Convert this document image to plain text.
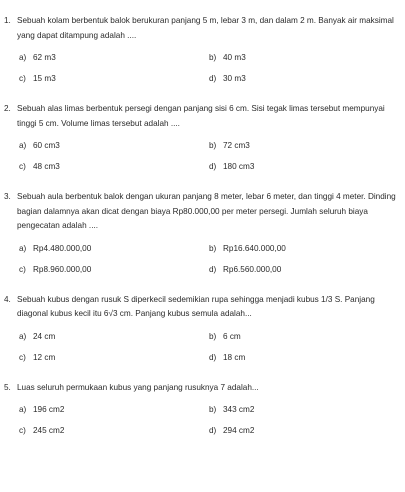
1. Sebuah kolam berbentuk balok berukuran panjang 5 m, lebar 3 m, dan dalam 2 m. Banyak air maksimal yang dapat ditampung adalah ....
a) 62 m3	b) 40 m3
c) 15 m3	d) 30 m3
2. Sebuah alas limas berbentuk persegi dengan panjang sisi 6 cm. Sisi tegak limas tersebut mempunyai tinggi 5 cm. Volume limas tersebut adalah ....
a) 60 cm3	b) 72 cm3
c) 48 cm3	d) 180 cm3
3. Sebuah aula berbentuk balok dengan ukuran panjang 8 meter, lebar 6 meter, dan tinggi 4 meter. Dinding bagian dalamnya akan dicat dengan biaya Rp80.000,00 per meter persegi. Jumlah seluruh biaya pengecatan adalah ....
a) Rp4.480.000,00	b) Rp16.640.000,00
c) Rp8.960.000,00	d) Rp6.560.000,00
4. Sebuah kubus dengan rusuk S diperkecil sedemikian rupa sehingga menjadi kubus 1/3 S. Panjang diagonal kubus kecil itu 6√3 cm. Panjang kubus semula adalah...
a) 24 cm	b) 6 cm
c) 12 cm	d) 18 cm
5. Luas seluruh permukaan kubus yang panjang rusuknya 7 adalah...
a) 196 cm2	b) 343 cm2
c) 245 cm2	d) 294 cm2
